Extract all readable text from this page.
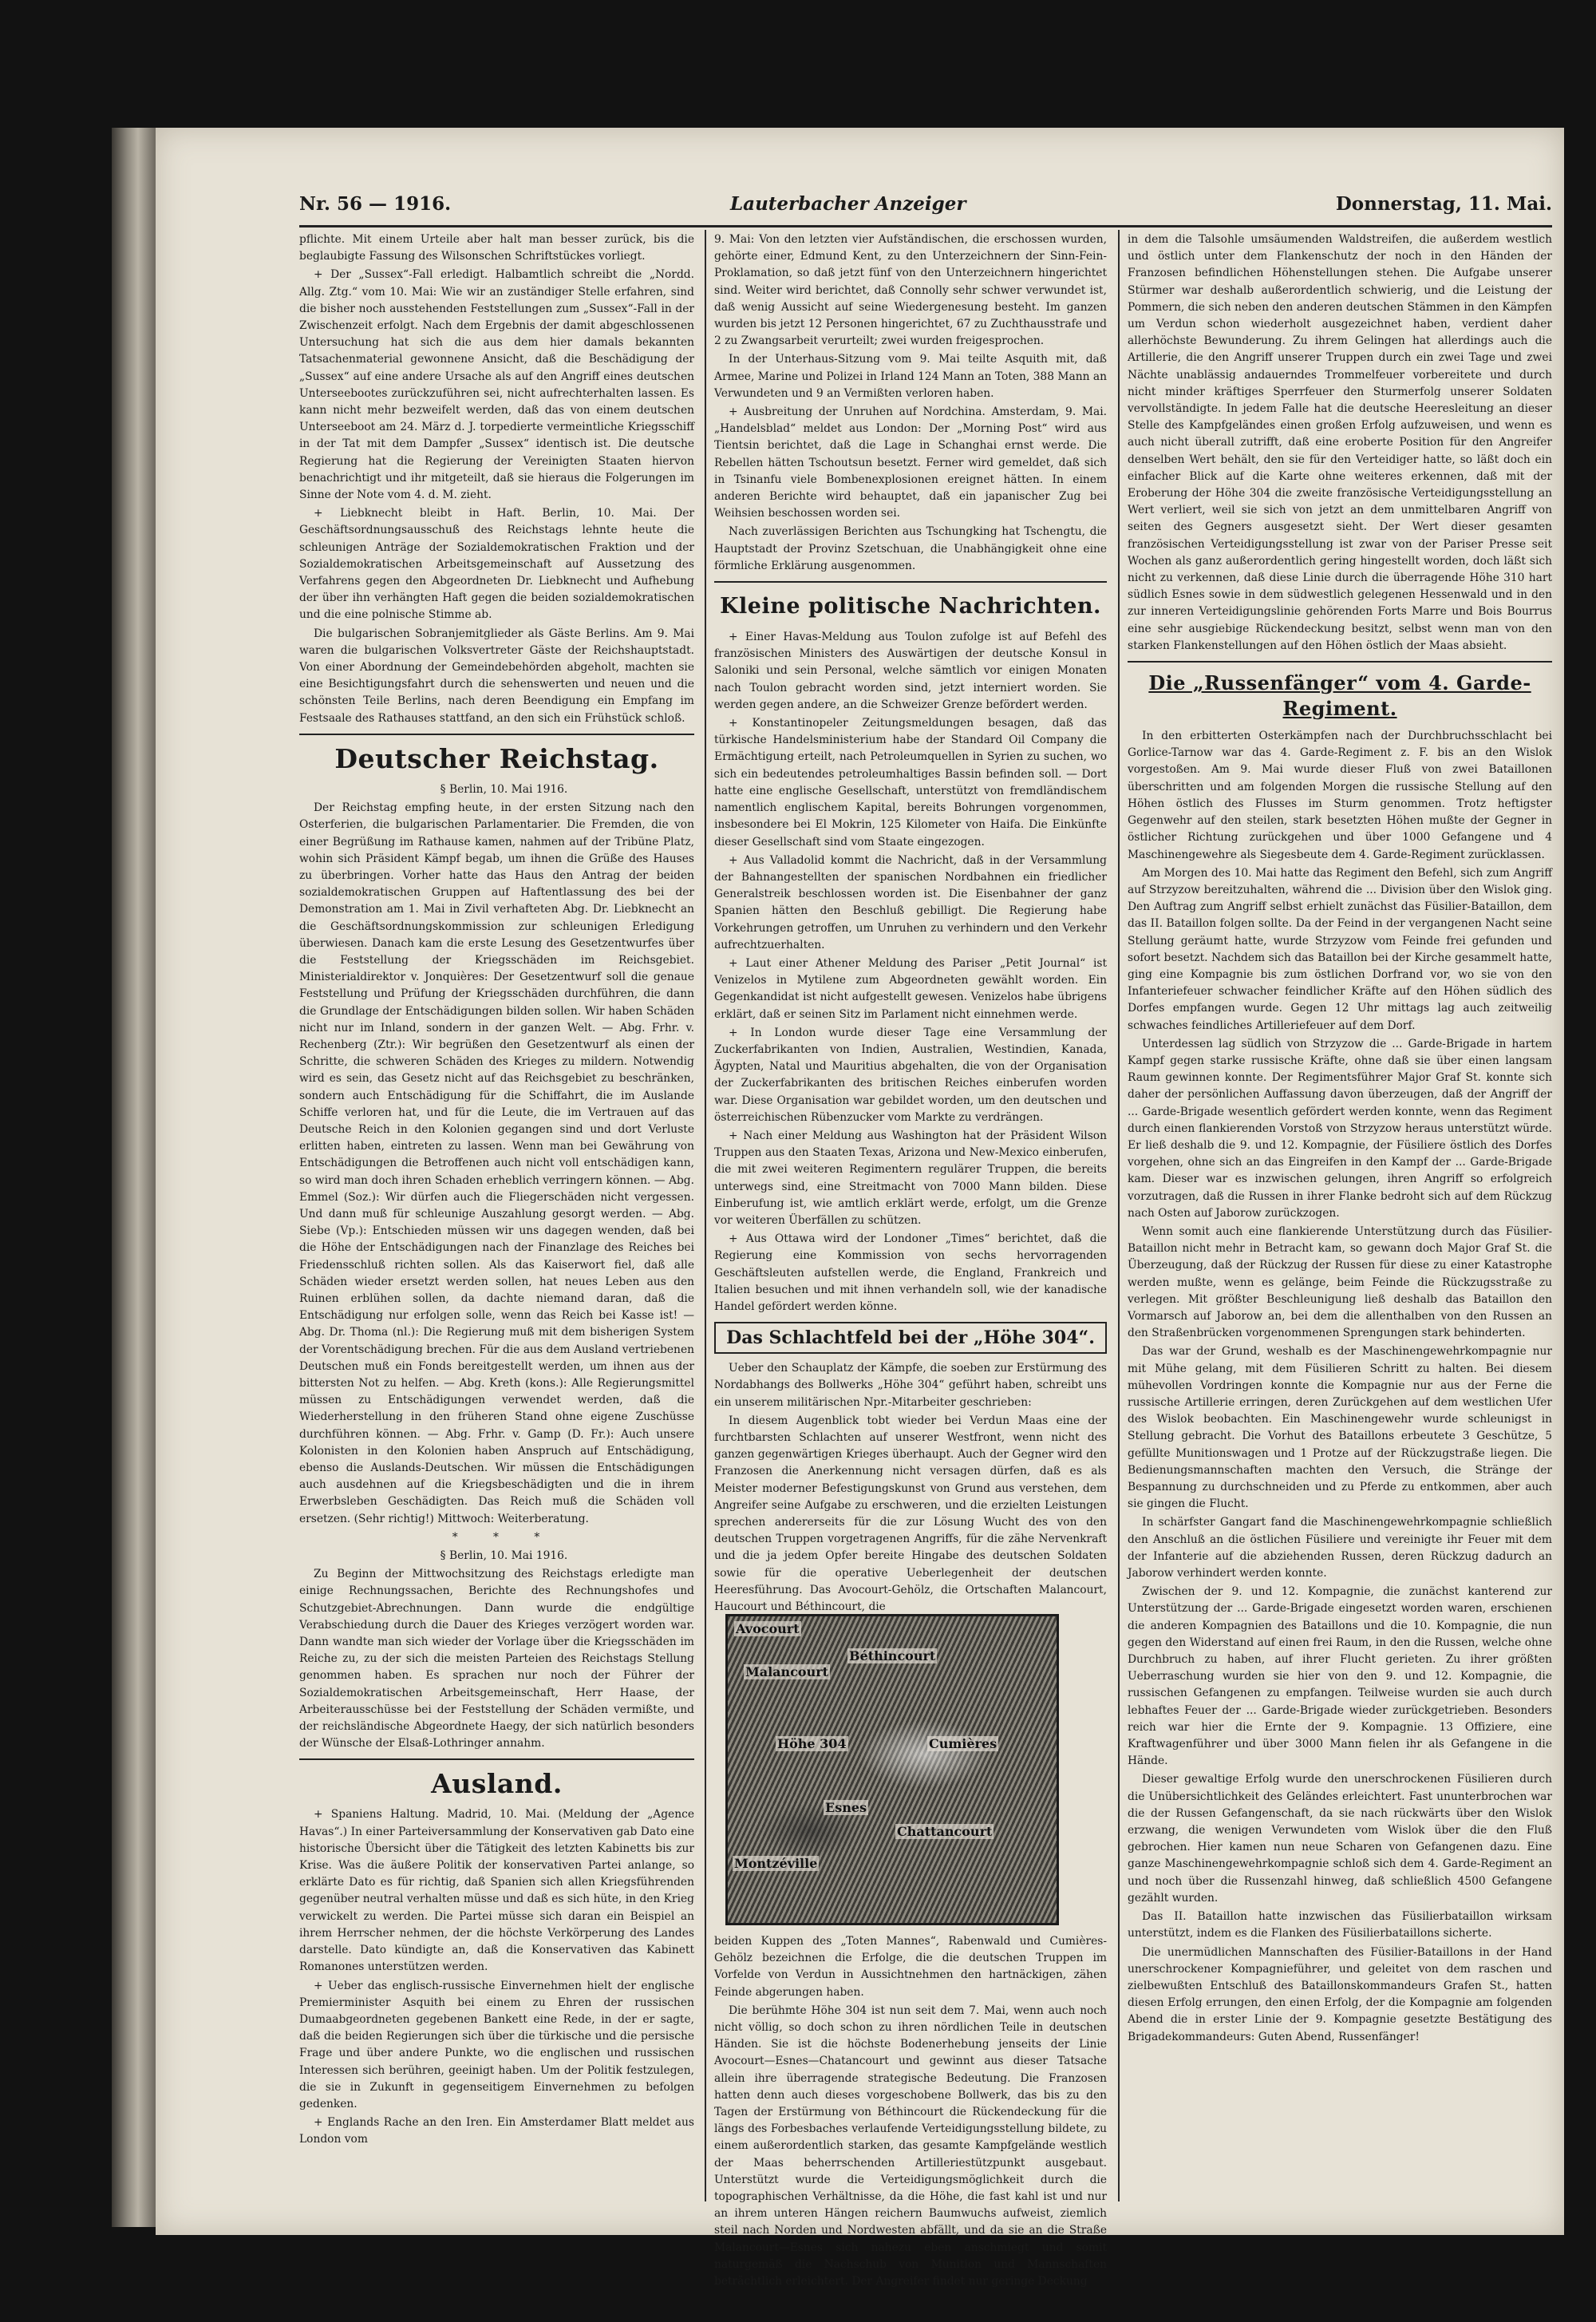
Nr. 56 — 1916.	Lauterbacher Anzeiger	Donnerstag, 11. Mai.

pflichte. Mit einem Urteile aber halt man besser zurück, bis die beglaubigte Fassung des Wilsonschen Schriftstückes vorliegt.

+ Der „Sussex“-Fall erledigt. Halbamtlich schreibt die „Nordd. Allg. Ztg.“ vom 10. Mai: Wie wir an zuständiger Stelle erfahren, sind die bisher noch ausstehenden Feststellungen zum „Sussex“-Fall in der Zwischenzeit erfolgt. Nach dem Ergebnis der damit abgeschlossenen Untersuchung hat sich die aus dem hier damals bekannten Tatsachenmaterial gewonnene Ansicht, daß die Beschädigung der „Sussex“ auf eine andere Ursache als auf den Angriff eines deutschen Unterseebootes zurückzuführen sei, nicht aufrechterhalten lassen. Es kann nicht mehr bezweifelt werden, daß das von einem deutschen Unterseeboot am 24. März d. J. torpedierte vermeintliche Kriegsschiff in der Tat mit dem Dampfer „Sussex“ identisch ist. Die deutsche Regierung hat die Regierung der Vereinigten Staaten hiervon benachrichtigt und ihr mitgeteilt, daß sie hieraus die Folgerungen im Sinne der Note vom 4. d. M. zieht.

+ Liebknecht bleibt in Haft. Berlin, 10. Mai. Der Geschäftsordnungsausschuß des Reichstags lehnte heute die schleunigen Anträge der Sozialdemokratischen Fraktion und der Sozialdemokratischen Arbeitsgemeinschaft auf Aussetzung des Verfahrens gegen den Abgeordneten Dr. Liebknecht und Aufhebung der über ihn verhängten Haft gegen die beiden sozialdemokratischen und die eine polnische Stimme ab.

Die bulgarischen Sobranjemitglieder als Gäste Berlins. Am 9. Mai waren die bulgarischen Volksvertreter Gäste der Reichshauptstadt. Von einer Abordnung der Gemeindebehörden abgeholt, machten sie eine Besichtigungsfahrt durch die sehenswerten und neuen und die schönsten Teile Berlins, nach deren Beendigung ein Empfang im Festsaale des Rathauses stattfand, an den sich ein Frühstück schloß.

Deutscher Reichstag.

§ Berlin, 10. Mai 1916.

Der Reichstag empfing heute, in der ersten Sitzung nach den Osterferien, die bulgarischen Parlamentarier. Die Fremden, die von einer Begrüßung im Rathause kamen, nahmen auf der Tribüne Platz, wohin sich Präsident Kämpf begab, um ihnen die Grüße des Hauses zu überbringen. Vorher hatte das Haus den Antrag der beiden sozialdemokratischen Gruppen auf Haftentlassung des bei der Demonstration am 1. Mai in Zivil verhafteten Abg. Dr. Liebknecht an die Geschäftsordnungskommission zur schleunigen Erledigung überwiesen. Danach kam die erste Lesung des Gesetzentwurfes über die Feststellung der Kriegsschäden im Reichsgebiet. Ministerialdirektor v. Jonquières: Der Gesetzentwurf soll die genaue Feststellung und Prüfung der Kriegsschäden durchführen, die dann die Grundlage der Entschädigungen bilden sollen. Wir haben Schäden nicht nur im Inland, sondern in der ganzen Welt. — Abg. Frhr. v. Rechenberg (Ztr.): Wir begrüßen den Gesetzentwurf als einen der Schritte, die schweren Schäden des Krieges zu mildern. Notwendig wird es sein, das Gesetz nicht auf das Reichsgebiet zu beschränken, sondern auch Entschädigung für die Schiffahrt, die im Auslande Schiffe verloren hat, und für die Leute, die im Vertrauen auf das Deutsche Reich in den Kolonien gegangen sind und dort Verluste erlitten haben, eintreten zu lassen. Wenn man bei Gewährung von Entschädigungen die Betroffenen auch nicht voll entschädigen kann, so wird man doch ihren Schaden erheblich verringern können. — Abg. Emmel (Soz.): Wir dürfen auch die Fliegerschäden nicht vergessen. Und dann muß für schleunige Auszahlung gesorgt werden. — Abg. Siebe (Vp.): Entschieden müssen wir uns dagegen wenden, daß bei die Höhe der Entschädigungen nach der Finanzlage des Reiches bei Friedensschluß richten sollen. Als das Kaiserwort fiel, daß alle Schäden wieder ersetzt werden sollen, hat neues Leben aus den Ruinen erblühen sollen, da dachte niemand daran, daß die Entschädigung nur erfolgen solle, wenn das Reich bei Kasse ist! — Abg. Dr. Thoma (nl.): Die Regierung muß mit dem bisherigen System der Vorentschädigung brechen. Für die aus dem Ausland vertriebenen Deutschen muß ein Fonds bereitgestellt werden, um ihnen aus der bittersten Not zu helfen. — Abg. Kreth (kons.): Alle Regierungsmittel müssen zu Entschädigungen verwendet werden, daß die Wiederherstellung in den früheren Stand ohne eigene Zuschüsse durchführen können. — Abg. Frhr. v. Gamp (D. Fr.): Auch unsere Kolonisten in den Kolonien haben Anspruch auf Entschädigung, ebenso die Auslands-Deutschen. Wir müssen die Entschädigungen auch ausdehnen auf die Kriegsbeschädigten und die in ihrem Erwerbsleben Geschädigten. Das Reich muß die Schäden voll ersetzen. (Sehr richtig!) Mittwoch: Weiterberatung.

* * *

§ Berlin, 10. Mai 1916.

Zu Beginn der Mittwochsitzung des Reichstags erledigte man einige Rechnungssachen, Berichte des Rechnungshofes und Schutzgebiet-Abrechnungen. Dann wurde die endgültige Verabschiedung durch die Dauer des Krieges verzögert worden war. Dann wandte man sich wieder der Vorlage über die Kriegsschäden im Reiche zu, zu der sich die meisten Parteien des Reichstags Stellung genommen haben. Es sprachen nur noch der Führer der Sozialdemokratischen Arbeitsgemeinschaft, Herr Haase, der Arbeiterausschüsse bei der Feststellung der Schäden vermißte, und der reichsländische Abgeordnete Haegy, der sich natürlich besonders der Wünsche der Elsaß-Lothringer annahm.

Ausland.

+ Spaniens Haltung. Madrid, 10. Mai. (Meldung der „Agence Havas“.) In einer Parteiversammlung der Konservativen gab Dato eine historische Übersicht über die Tätigkeit des letzten Kabinetts bis zur Krise. Was die äußere Politik der konservativen Partei anlange, so erklärte Dato es für richtig, daß Spanien sich allen Kriegsführenden gegenüber neutral verhalten müsse und daß es sich hüte, in den Krieg verwickelt zu werden. Die Partei müsse sich daran ein Beispiel an ihrem Herrscher nehmen, der die höchste Verkörperung des Landes darstelle. Dato kündigte an, daß die Konservativen das Kabinett Romanones unterstützen werden.

+ Ueber das englisch-russische Einvernehmen hielt der englische Premierminister Asquith bei einem zu Ehren der russischen Dumaabgeordneten gegebenen Bankett eine Rede, in der er sagte, daß die beiden Regierungen sich über die türkische und die persische Frage und über andere Punkte, wo die englischen und russischen Interessen sich berühren, geeinigt haben. Um der Politik festzulegen, die sie in Zukunft in gegenseitigem Einvernehmen zu befolgen gedenken.

+ Englands Rache an den Iren. Ein Amsterdamer Blatt meldet aus London vom

9. Mai: Von den letzten vier Aufständischen, die erschossen wurden, gehörte einer, Edmund Kent, zu den Unterzeichnern der Sinn-Fein-Proklamation, so daß jetzt fünf von den Unterzeichnern hingerichtet sind. Weiter wird berichtet, daß Connolly sehr schwer verwundet ist, daß wenig Aussicht auf seine Wiedergenesung besteht. Im ganzen wurden bis jetzt 12 Personen hingerichtet, 67 zu Zuchthausstrafe und 2 zu Zwangsarbeit verurteilt; zwei wurden freigesprochen.

In der Unterhaus-Sitzung vom 9. Mai teilte Asquith mit, daß Armee, Marine und Polizei in Irland 124 Mann an Toten, 388 Mann an Verwundeten und 9 an Vermißten verloren haben.

+ Ausbreitung der Unruhen auf Nordchina. Amsterdam, 9. Mai. „Handelsblad“ meldet aus London: Der „Morning Post“ wird aus Tientsin berichtet, daß die Lage in Schanghai ernst werde. Die Rebellen hätten Tschoutsun besetzt. Ferner wird gemeldet, daß sich in Tsinanfu viele Bombenexplosionen ereignet hätten. In einem anderen Berichte wird behauptet, daß ein japanischer Zug bei Weihsien beschossen worden sei.

Nach zuverlässigen Berichten aus Tschungking hat Tschengtu, die Hauptstadt der Provinz Szetschuan, die Unabhängigkeit ohne eine förmliche Erklärung ausgenommen.

Kleine politische Nachrichten.

+ Einer Havas-Meldung aus Toulon zufolge ist auf Befehl des französischen Ministers des Auswärtigen der deutsche Konsul in Saloniki und sein Personal, welche sämtlich vor einigen Monaten nach Toulon gebracht worden sind, jetzt interniert worden. Sie werden gegen andere, an die Schweizer Grenze befördert werden.

+ Konstantinopeler Zeitungsmeldungen besagen, daß das türkische Handelsministerium habe der Standard Oil Company die Ermächtigung erteilt, nach Petroleumquellen in Syrien zu suchen, wo sich ein bedeutendes petroleumhaltiges Bassin befinden soll. — Dort hatte eine englische Gesellschaft, unterstützt von fremdländischem namentlich englischem Kapital, bereits Bohrungen vorgenommen, insbesondere bei El Mokrin, 125 Kilometer von Haifa. Die Einkünfte dieser Gesellschaft sind vom Staate eingezogen.

+ Aus Valladolid kommt die Nachricht, daß in der Versammlung der Bahnangestellten der spanischen Nordbahnen ein friedlicher Generalstreik beschlossen worden ist. Die Eisenbahner der ganz Spanien hätten den Beschluß gebilligt. Die Regierung habe Vorkehrungen getroffen, um Unruhen zu verhindern und den Verkehr aufrechtzuerhalten.

+ Laut einer Athener Meldung des Pariser „Petit Journal“ ist Venizelos in Mytilene zum Abgeordneten gewählt worden. Ein Gegenkandidat ist nicht aufgestellt gewesen. Venizelos habe übrigens erklärt, daß er seinen Sitz im Parlament nicht einnehmen werde.

+ In London wurde dieser Tage eine Versammlung der Zuckerfabrikanten von Indien, Australien, Westindien, Kanada, Ägypten, Natal und Mauritius abgehalten, die von der Organisation der Zuckerfabrikanten des britischen Reiches einberufen worden war. Diese Organisation war gebildet worden, um den deutschen und österreichischen Rübenzucker vom Markte zu verdrängen.

+ Nach einer Meldung aus Washington hat der Präsident Wilson Truppen aus den Staaten Texas, Arizona und New-Mexico einberufen, die mit zwei weiteren Regimentern regulärer Truppen, die bereits unterwegs sind, eine Streitmacht von 7000 Mann bilden. Diese Einberufung ist, wie amtlich erklärt werde, erfolgt, um die Grenze vor weiteren Überfällen zu schützen.

+ Aus Ottawa wird der Londoner „Times“ berichtet, daß die Regierung eine Kommission von sechs hervorragenden Geschäftsleuten aufstellen werde, die England, Frankreich und Italien besuchen und mit ihnen verhandeln soll, wie der kanadische Handel gefördert werden könne.

Das Schlachtfeld bei der „Höhe 304“.

Ueber den Schauplatz der Kämpfe, die soeben zur Erstürmung des Nordabhangs des Bollwerks „Höhe 304“ geführt haben, schreibt uns ein unserem militärischen Npr.-Mitarbeiter geschrieben:

In diesem Augenblick tobt wieder bei Verdun Maas eine der furchtbarsten Schlachten auf unserer Westfront, wenn nicht des ganzen gegenwärtigen Krieges überhaupt. Auch der Gegner wird den Franzosen die Anerkennung nicht versagen dürfen, daß es als Meister moderner Befestigungskunst von Grund aus verstehen, dem Angreifer seine Aufgabe zu erschweren, und die erzielten Leistungen sprechen andererseits für die zur Lösung Wucht des von den deutschen Truppen vorgetragenen Angriffs, für die zähe Nervenkraft und die ja jedem Opfer bereite Hingabe des deutschen Soldaten sowie für die operative Ueberlegenheit der deutschen Heeresführung. Das Avocourt-Gehölz, die Ortschaften Malancourt, Haucourt und Béthincourt, die

Avocourt
Malancourt
Béthincourt
Cumières
Esnes
Montzéville
Chattancourt
Höhe 304

beiden Kuppen des „Toten Mannes“, Rabenwald und Cumières-Gehölz bezeichnen die Erfolge, die die deutschen Truppen im Vorfelde von Verdun in Aussichtnehmen den hartnäckigen, zähen Feinde abgerungen haben.

Die berühmte Höhe 304 ist nun seit dem 7. Mai, wenn auch noch nicht völlig, so doch schon zu ihren nördlichen Teile in deutschen Händen. Sie ist die höchste Bodenerhebung jenseits der Linie Avocourt—Esnes—Chatancourt und gewinnt aus dieser Tatsache allein ihre überragende strategische Bedeutung. Die Franzosen hatten denn auch dieses vorgeschobene Bollwerk, das bis zu den Tagen der Erstürmung von Béthincourt die Rückendeckung für die längs des Forbesbaches verlaufende Verteidigungsstellung bildete, zu einem außerordentlich starken, das gesamte Kampfgelände westlich der Maas beherrschenden Artilleriestützpunkt ausgebaut. Unterstützt wurde die Verteidigungsmöglichkeit durch die topographischen Verhältnisse, da die Höhe, die fast kahl ist und nur an ihrem unteren Hängen reichern Baumwuchs aufweist, ziemlich steil nach Norden und Nordwesten abfällt, und da sie an die Straße Malancourt—Esnes sich nahezu eben anschmiegt und somit naturgemäß die Nachschub von Munition und Mannschaften beträchtlich erleichtert. Der Angreifer findet nur geringe Deckung

in dem die Talsohle umsäumenden Waldstreifen, die außerdem westlich und östlich unter dem Flankenschutz der noch in den Händen der Franzosen befindlichen Höhenstellungen stehen. Die Aufgabe unserer Stürmer war deshalb außerordentlich schwierig, und die Leistung der Pommern, die sich neben den anderen deutschen Stämmen in den Kämpfen um Verdun schon wiederholt ausgezeichnet haben, verdient daher allerhöchste Bewunderung. Zu ihrem Gelingen hat allerdings auch die Artillerie, die den Angriff unserer Truppen durch ein zwei Tage und zwei Nächte unablässig andauerndes Trommelfeuer vorbereitete und durch nicht minder kräftiges Sperrfeuer den Sturmerfolg unserer Soldaten vervollständigte. In jedem Falle hat die deutsche Heeresleitung an dieser Stelle des Kampfgeländes einen großen Erfolg aufzuweisen, und wenn es auch nicht überall zutrifft, daß eine eroberte Position für den Angreifer denselben Wert behält, den sie für den Verteidiger hatte, so läßt doch ein einfacher Blick auf die Karte ohne weiteres erkennen, daß mit der Eroberung der Höhe 304 die zweite französische Verteidigungsstellung an Wert verliert, weil sie sich von jetzt an dem unmittelbaren Angriff von seiten des Gegners ausgesetzt sieht. Der Wert dieser gesamten französischen Verteidigungsstellung ist zwar von der Pariser Presse seit Wochen als ganz außerordentlich gering hingestellt worden, doch läßt sich nicht zu verkennen, daß diese Linie durch die überragende Höhe 310 hart südlich Esnes sowie in dem südwestlich gelegenen Hessenwald und in den zur inneren Verteidigungslinie gehörenden Forts Marre und Bois Bourrus eine sehr ausgiebige Rückendeckung besitzt, selbst wenn man von den starken Flankenstellungen auf den Höhen östlich der Maas absieht.

Die „Russenfänger“ vom 4. Garde-Regiment.

In den erbitterten Osterkämpfen nach der Durchbruchsschlacht bei Gorlice-Tarnow war das 4. Garde-Regiment z. F. bis an den Wislok vorgestoßen. Am 9. Mai wurde dieser Fluß von zwei Bataillonen überschritten und am folgenden Morgen die russische Stellung auf den Höhen östlich des Flusses im Sturm genommen. Trotz heftigster Gegenwehr auf den steilen, stark besetzten Höhen mußte der Gegner in östlicher Richtung zurückgehen und über 1000 Gefangene und 4 Maschinengewehre als Siegesbeute dem 4. Garde-Regiment zurücklassen.

Am Morgen des 10. Mai hatte das Regiment den Befehl, sich zum Angriff auf Strzyzow bereitzuhalten, während die ... Division über den Wislok ging. Den Auftrag zum Angriff selbst erhielt zunächst das Füsilier-Bataillon, dem das II. Bataillon folgen sollte. Da der Feind in der vergangenen Nacht seine Stellung geräumt hatte, wurde Strzyzow vom Feinde frei gefunden und sofort besetzt. Nachdem sich das Bataillon bei der Kirche gesammelt hatte, ging eine Kompagnie bis zum östlichen Dorfrand vor, wo sie von den Infanteriefeuer schwacher feindlicher Kräfte auf den Höhen südlich des Dorfes empfangen wurde. Gegen 12 Uhr mittags lag auch zeitweilig schwaches feindliches Artilleriefeuer auf dem Dorf.

Unterdessen lag südlich von Strzyzow die ... Garde-Brigade in hartem Kampf gegen starke russische Kräfte, ohne daß sie über einen langsam Raum gewinnen konnte. Der Regimentsführer Major Graf St. konnte sich daher der persönlichen Auffassung davon überzeugen, daß der Angriff der ... Garde-Brigade wesentlich gefördert werden konnte, wenn das Regiment durch einen flankierenden Vorstoß von Strzyzow heraus unterstützt würde. Er ließ deshalb die 9. und 12. Kompagnie, der Füsiliere östlich des Dorfes vorgehen, ohne sich an das Eingreifen in den Kampf der ... Garde-Brigade kam. Dieser war es inzwischen gelungen, ihren Angriff so erfolgreich vorzutragen, daß die Russen in ihrer Flanke bedroht sich auf dem Rückzug nach Osten auf Jaborow zurückzogen.

Wenn somit auch eine flankierende Unterstützung durch das Füsilier-Bataillon nicht mehr in Betracht kam, so gewann doch Major Graf St. die Überzeugung, daß der Rückzug der Russen für diese zu einer Katastrophe werden mußte, wenn es gelänge, beim Feinde die Rückzugsstraße zu verlegen. Mit größter Beschleunigung ließ deshalb das Bataillon den Vormarsch auf Jaborow an, bei dem die allenthalben von den Russen an den Straßenbrücken vorgenommenen Sprengungen stark behinderten.

Das war der Grund, weshalb es der Maschinengewehrkompagnie nur mit Mühe gelang, mit dem Füsilieren Schritt zu halten. Bei diesem mühevollen Vordringen konnte die Kompagnie nur aus der Ferne die russische Artillerie erringen, deren Zurückgehen auf dem westlichen Ufer des Wislok beobachten. Ein Maschinengewehr wurde schleunigst in Stellung gebracht. Die Vorhut des Bataillons erbeutete 3 Geschütze, 5 gefüllte Munitionswagen und 1 Protze auf der Rückzugstraße liegen. Die Bedienungsmannschaften machten den Versuch, die Stränge der Bespannung zu durchschneiden und zu Pferde zu entkommen, aber auch sie gingen die Flucht.

In schärfster Gangart fand die Maschinengewehrkompagnie schließlich den Anschluß an die östlichen Füsiliere und vereinigte ihr Feuer mit dem der Infanterie auf die abziehenden Russen, deren Rückzug dadurch an Jaborow verhindert werden konnte.

Zwischen der 9. und 12. Kompagnie, die zunächst kanterend zur Unterstützung der ... Garde-Brigade eingesetzt worden waren, erschienen die anderen Kompagnien des Bataillons und die 10. Kompagnie, die nun gegen den Widerstand auf einen frei Raum, in den die Russen, welche ohne Durchbruch zu haben, auf ihrer Flucht gerieten. Zu ihrer größten Ueberraschung wurden sie hier von den 9. und 12. Kompagnie, die russischen Gefangenen zu empfangen. Teilweise wurden sie auch durch lebhaftes Feuer der ... Garde-Brigade wieder zurückgetrieben. Besonders reich war hier die Ernte der 9. Kompagnie. 13 Offiziere, eine Kraftwagenführer und über 3000 Mann fielen ihr als Gefangene in die Hände.

Dieser gewaltige Erfolg wurde den unerschrockenen Füsilieren durch die Unübersichtlichkeit des Geländes erleichtert. Fast ununterbrochen war die der Russen Gefangenschaft, da sie nach rückwärts über den Wislok erzwang, die wenigen Verwundeten vom Wislok über die den Fluß gebrochen. Hier kamen nun neue Scharen von Gefangenen dazu. Eine ganze Maschinengewehrkompagnie schloß sich dem 4. Garde-Regiment an und noch über die Russenzahl hinweg, daß schließlich 4500 Gefangene gezählt wurden.

Das II. Bataillon hatte inzwischen das Füsilierbataillon wirksam unterstützt, indem es die Flanken des Füsilierbataillons sicherte.

Die unermüdlichen Mannschaften des Füsilier-Bataillons in der Hand unerschrockener Kompagnieführer, und geleitet von dem raschen und zielbewußten Entschluß des Bataillonskommandeurs Grafen St., hatten diesen Erfolg errungen, den einen Erfolg, der die Kompagnie am folgenden Abend die in erster Linie der 9. Kompagnie gesetzte Bestätigung des Brigadekommandeurs: Guten Abend, Russenfänger!
